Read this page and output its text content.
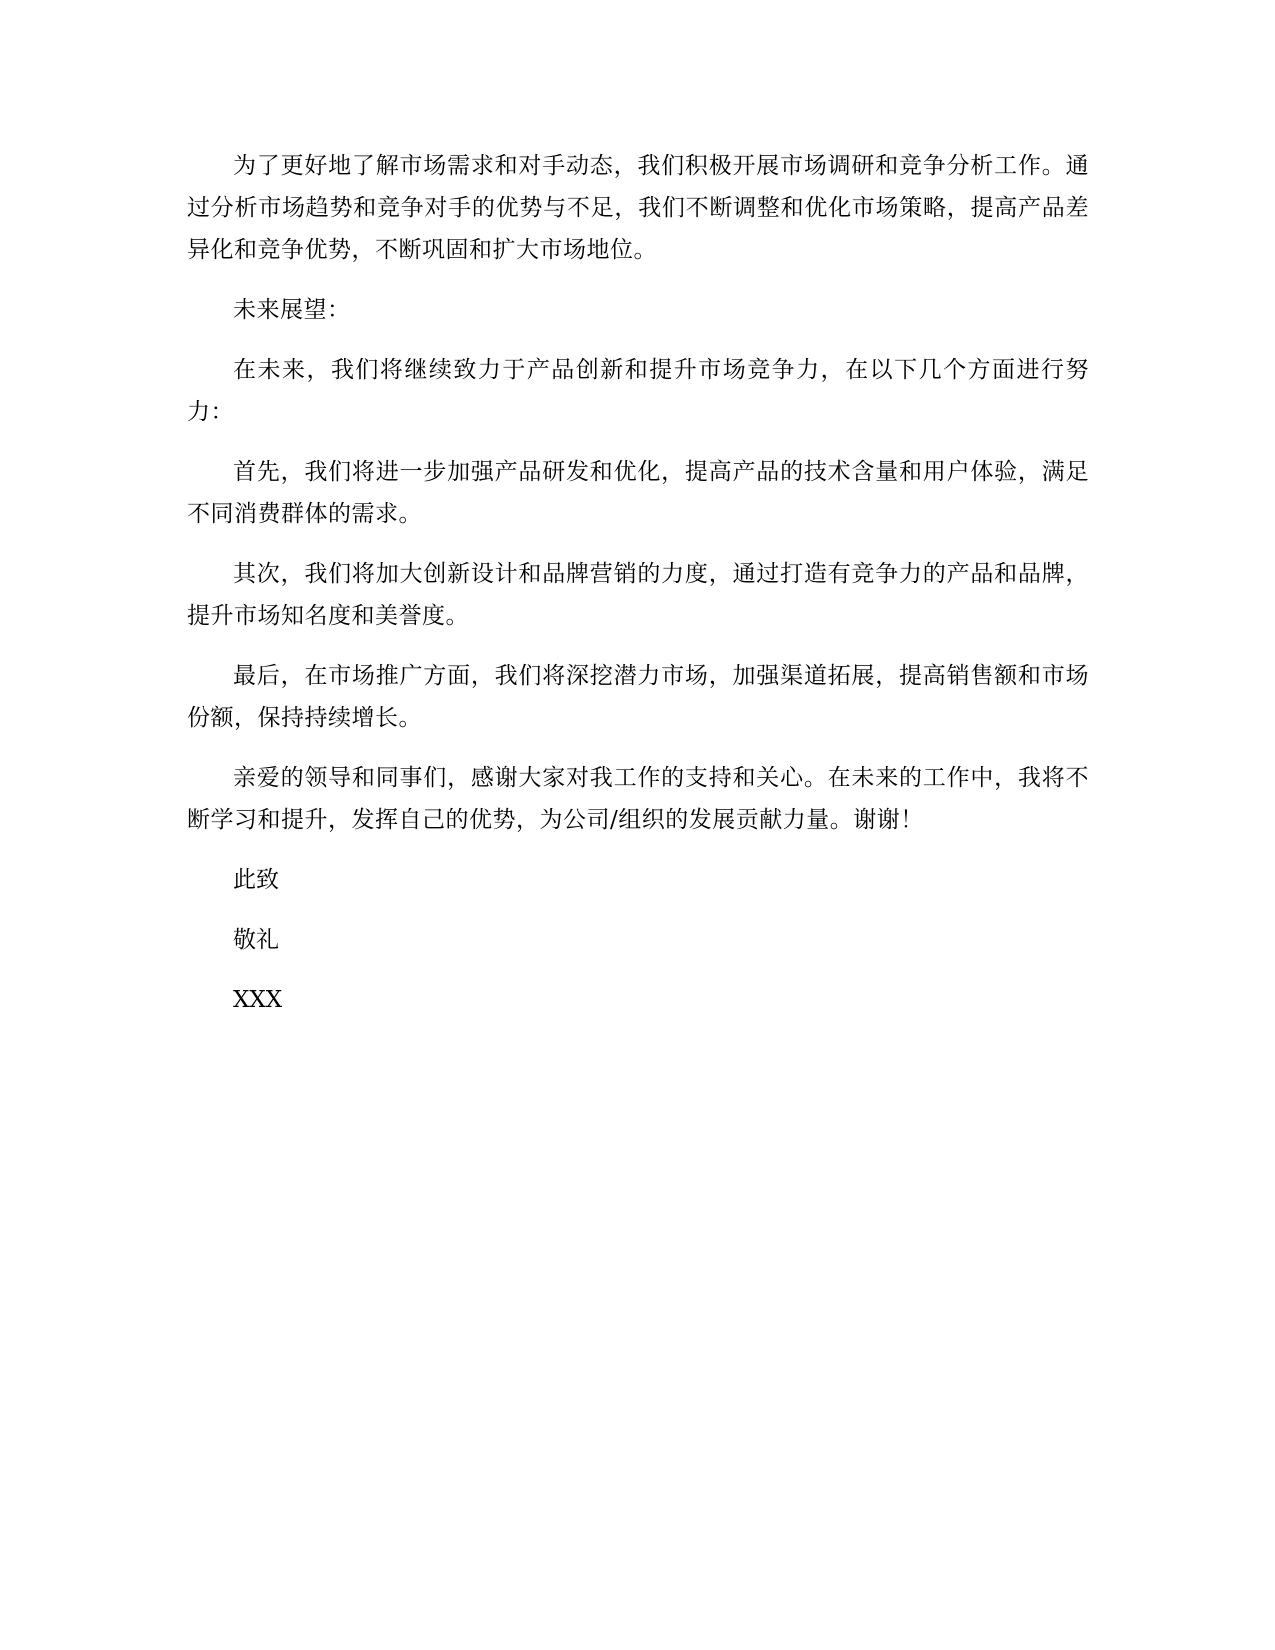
为了更好地了解市场需求和对手动态，我们积极开展市场调研和竞争分析工作。通过分析市场趋势和竞争对手的优势与不足，我们不断调整和优化市场策略，提高产品差异化和竞争优势，不断巩固和扩大市场地位。

未来展望：

在未来，我们将继续致力于产品创新和提升市场竞争力，在以下几个方面进行努力：

首先，我们将进一步加强产品研发和优化，提高产品的技术含量和用户体验，满足不同消费群体的需求。

其次，我们将加大创新设计和品牌营销的力度，通过打造有竞争力的产品和品牌，提升市场知名度和美誉度。

最后，在市场推广方面，我们将深挖潜力市场，加强渠道拓展，提高销售额和市场份额，保持持续增长。

亲爱的领导和同事们，感谢大家对我工作的支持和关心。在未来的工作中，我将不断学习和提升，发挥自己的优势，为公司/组织的发展贡献力量。谢谢！

此致

敬礼

XXX
